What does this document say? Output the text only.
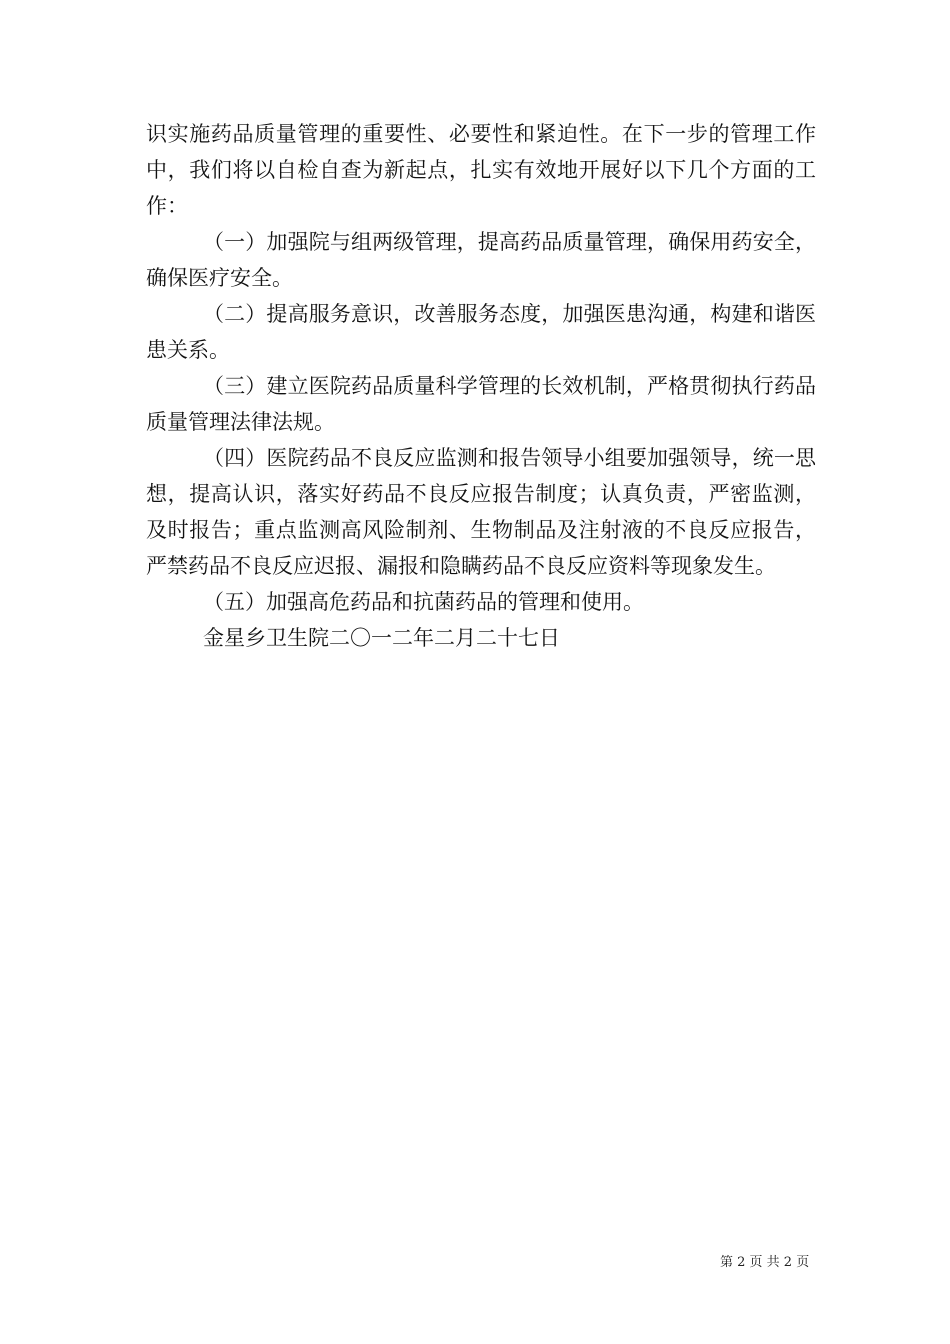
识实施药品质量管理的重要性、必要性和紧迫性。在下一步的管理工作中，我们将以自检自查为新起点，扎实有效地开展好以下几个方面的工作：

（一）加强院与组两级管理，提高药品质量管理，确保用药安全，确保医疗安全。

（二）提高服务意识，改善服务态度，加强医患沟通，构建和谐医患关系。

（三）建立医院药品质量科学管理的长效机制，严格贯彻执行药品质量管理法律法规。

（四）医院药品不良反应监测和报告领导小组要加强领导，统一思想，提高认识，落实好药品不良反应报告制度；认真负责，严密监测，及时报告；重点监测高风险制剂、生物制品及注射液的不良反应报告，严禁药品不良反应迟报、漏报和隐瞒药品不良反应资料等现象发生。

（五）加强高危药品和抗菌药品的管理和使用。

金星乡卫生院二〇一二年二月二十七日

第 2 页 共 2 页
